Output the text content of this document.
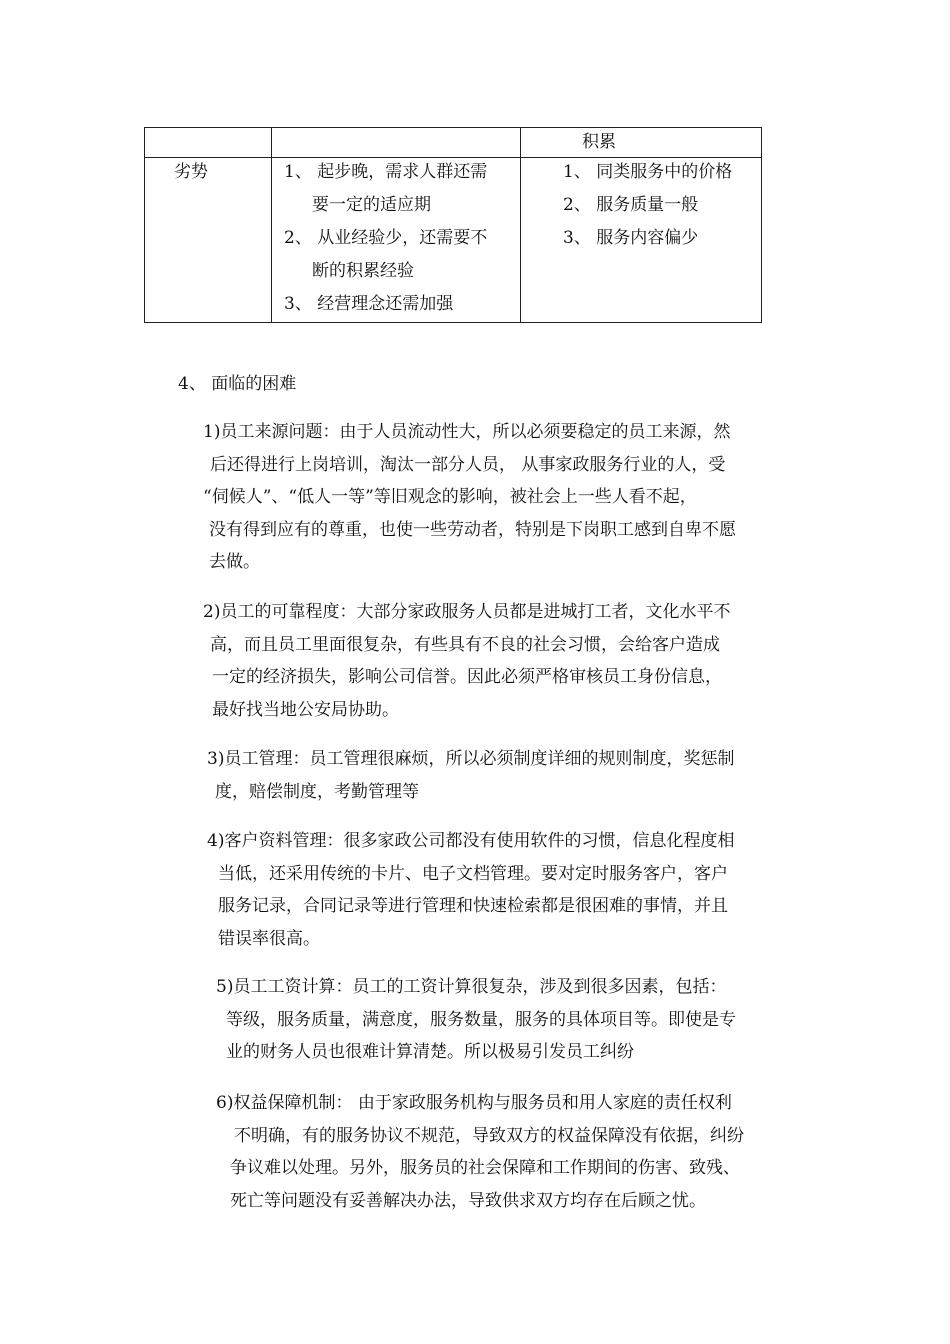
积累
劣势	1、 起步晚，需求人群还需
要一定的适应期
2、 从业经验少，还需要不
断的积累经验
3、 经营理念还需加强
1、 同类服务中的价格
2、 服务质量一般
3、 服务内容偏少
4、 面临的困难
1)员工来源问题：由于人员流动性大，所以必须要稳定的员工来源，然
后还得进行上岗培训，淘汰一部分人员， 从事家政服务行业的人，受
“伺候人”、“低人一等”等旧观念的影响，被社会上一些人看不起，
没有得到应有的尊重，也使一些劳动者，特别是下岗职工感到自卑不愿
去做。
2)员工的可靠程度：大部分家政服务人员都是进城打工者，文化水平不
高，而且员工里面很复杂，有些具有不良的社会习惯，会给客户造成
一定的经济损失，影响公司信誉。因此必须严格审核员工身份信息，
最好找当地公安局协助。
3)员工管理：员工管理很麻烦，所以必须制度详细的规则制度，奖惩制
度，赔偿制度，考勤管理等
4)客户资料管理：很多家政公司都没有使用软件的习惯，信息化程度相
当低，还采用传统的卡片、电子文档管理。要对定时服务客户，客户
服务记录，合同记录等进行管理和快速检索都是很困难的事情，并且
错误率很高。
5)员工工资计算：员工的工资计算很复杂，涉及到很多因素，包括：
等级，服务质量，满意度，服务数量，服务的具体项目等。即使是专
业的财务人员也很难计算清楚。所以极易引发员工纠纷
6)权益保障机制： 由于家政服务机构与服务员和用人家庭的责任权利
不明确，有的服务协议不规范，导致双方的权益保障没有依据，纠纷
争议难以处理。另外，服务员的社会保障和工作期间的伤害、致残、
死亡等问题没有妥善解决办法，导致供求双方均存在后顾之忧。
